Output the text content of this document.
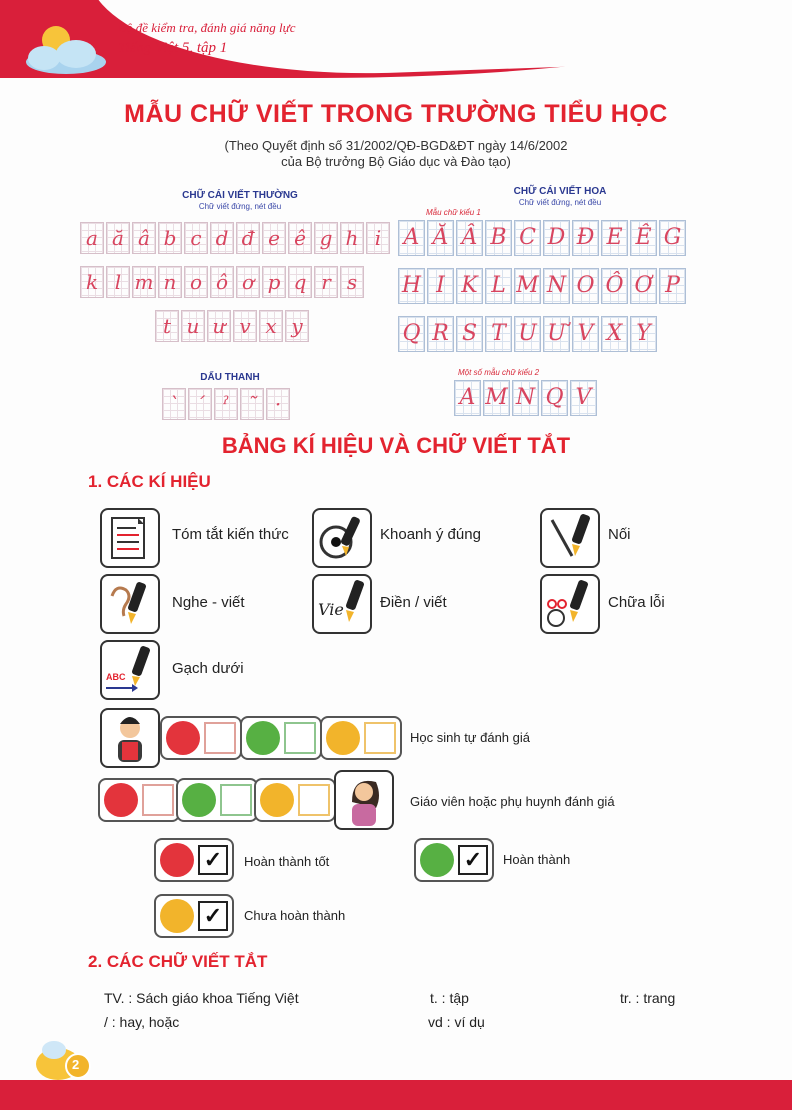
Bộ đề kiểm tra, đánh giá năng lực
Tiếng Việt 5, tập 1
MẪU CHỮ VIẾT TRONG TRƯỜNG TIỂU HỌC
(Theo Quyết định số 31/2002/QĐ-BGD&ĐT ngày 14/6/2002
của Bộ trưởng Bộ Giáo dục và Đào tạo)
CHỮ CÁI VIẾT THƯỜNG
Chữ viết đứng, nét đều
a ă â b c d đ e ê g h i
k l m n o ô ơ p q r s
t u ư v x y
DẤU THANH
ˋ ˊ ˀ ˜ ·
CHỮ CÁI VIẾT HOA
Chữ viết đứng, nét đều
Mẫu chữ kiểu 1
A Ă Â B C D Đ E Ê G
H I K L M N O Ô Ơ P
Q R S T U Ư V X Y
Một số mẫu chữ kiểu 2
A M N Q V
BẢNG KÍ HIỆU VÀ CHỮ VIẾT TẮT
1. CÁC KÍ HIỆU
Tóm tắt kiến thức	Khoanh ý đúng	Nối
Nghe - viết	Vie Điền / viết	Chữa lỗi
ABC	Gạch dưới
Học sinh tự đánh giá
Giáo viên hoặc phụ huynh đánh giá
✓	Hoàn thành tốt	✓	Hoàn thành
✓	Chưa hoàn thành
2. CÁC CHỮ VIẾT TẮT
TV. : Sách giáo khoa Tiếng Việt	t. : tập	tr. : trang
/ : hay, hoặc	vd : ví dụ
2
